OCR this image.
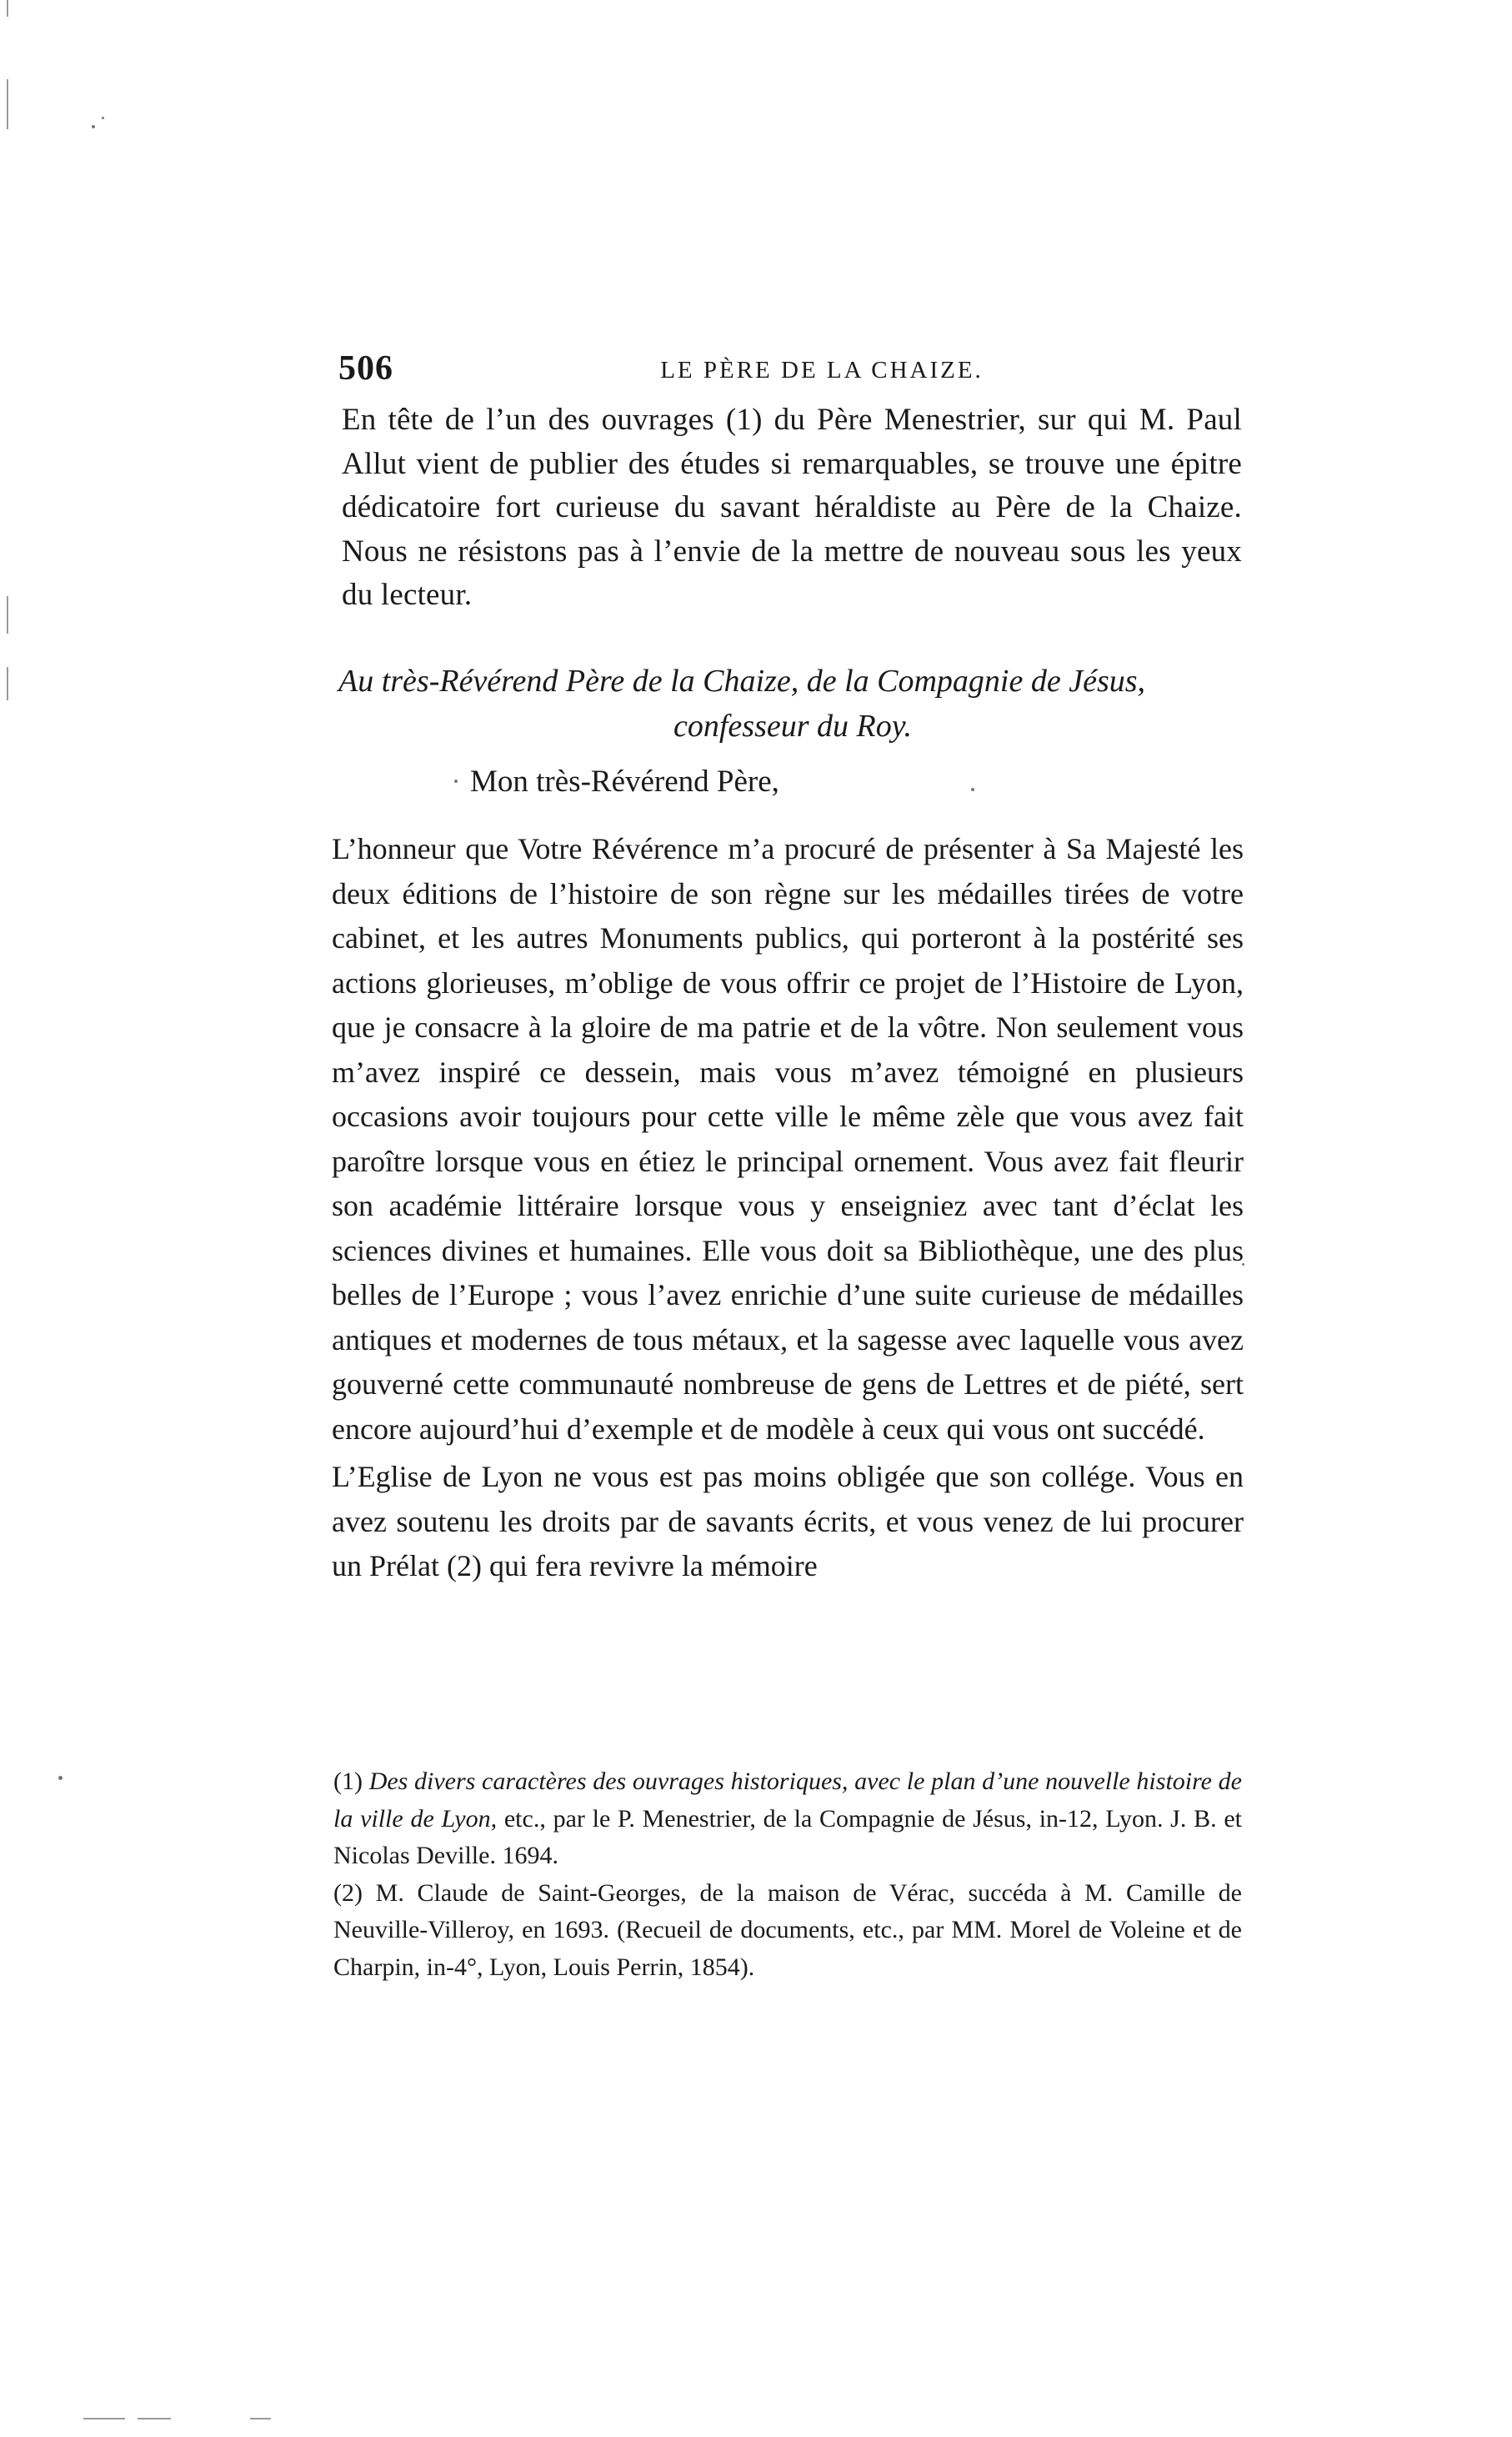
506	LE PÈRE DE LA CHAIZE.

En tête de l’un des ouvrages (1) du Père Menestrier, sur qui M. Paul Allut vient de publier des études si remarquables, se trouve une épitre dédicatoire fort curieuse du savant héraldiste au Père de la Chaize. Nous ne résistons pas à l’envie de la mettre de nouveau sous les yeux du lecteur.

Au très-Révérend Père de la Chaize, de la Compagnie de Jésus,

confesseur du Roy.

Mon très-Révérend Père,

L’honneur que Votre Révérence m’a procuré de présenter à Sa Majesté les deux éditions de l’histoire de son règne sur les médailles tirées de votre cabinet, et les autres Monuments publics, qui porteront à la postérité ses actions glorieuses, m’oblige de vous offrir ce projet de l’Histoire de Lyon, que je consacre à la gloire de ma patrie et de la vôtre. Non seulement vous m’avez inspiré ce dessein, mais vous m’avez témoigné en plusieurs occasions avoir toujours pour cette ville le même zèle que vous avez fait paroître lorsque vous en étiez le principal ornement. Vous avez fait fleurir son académie littéraire lorsque vous y enseigniez avec tant d’éclat les sciences divines et humaines. Elle vous doit sa Bibliothèque, une des plus belles de l’Europe ; vous l’avez enrichie d’une suite curieuse de médailles antiques et modernes de tous métaux, et la sagesse avec laquelle vous avez gouverné cette communauté nombreuse de gens de Lettres et de piété, sert encore aujourd’hui d’exemple et de modèle à ceux qui vous ont succédé.

L’Eglise de Lyon ne vous est pas moins obligée que son collége. Vous en avez soutenu les droits par de savants écrits, et vous venez de lui procurer un Prélat (2) qui fera revivre la mémoire

(1) Des divers caractères des ouvrages historiques, avec le plan d’une nouvelle histoire de la ville de Lyon, etc., par le P. Menestrier, de la Compagnie de Jésus, in-12, Lyon. J. B. et Nicolas Deville. 1694.

(2) M. Claude de Saint-Georges, de la maison de Vérac, succéda à M. Camille de Neuville-Villeroy, en 1693. (Recueil de documents, etc., par MM. Morel de Voleine et de Charpin, in-4°, Lyon, Louis Perrin, 1854).
